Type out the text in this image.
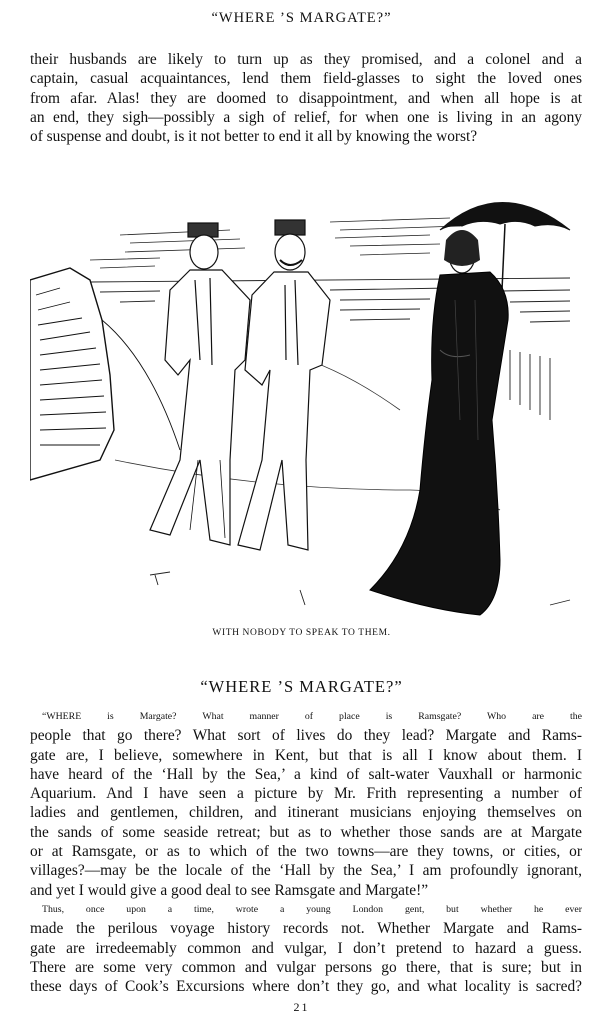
“WHERE ’S MARGATE?”

their husbands are likely to turn up as they promised, and a colonel and a
captain, casual acquaintances, lend them field-glasses to sight the loved ones
from afar. Alas! they are doomed to disappointment, and when all hope is at
an end, they sigh—possibly a sigh of relief, for when one is living in an agony
of suspense and doubt, is it not better to end it all by knowing the worst?

WITH NOBODY TO SPEAK TO THEM.
“WHERE ’S MARGATE?”

“WHERE is Margate? What manner of place is Ramsgate? Who are the
people that go there? What sort of lives do they lead? Margate and Rams-
gate are, I believe, somewhere in Kent, but that is all I know about them. I
have heard of the ‘Hall by the Sea,’ a kind of salt-water Vauxhall or harmonic
Aquarium. And I have seen a picture by Mr. Frith representing a number of
ladies and gentlemen, children, and itinerant musicians enjoying themselves on
the sands of some seaside retreat; but as to whether those sands are at Margate
or at Ramsgate, or as to which of the two towns—are they towns, or cities, or
villages?—may be the locale of the ‘Hall by the Sea,’ I am profoundly ignorant,
and yet I would give a good deal to see Ramsgate and Margate!”

Thus, once upon a time, wrote a young London gent, but whether he ever
made the perilous voyage history records not. Whether Margate and Rams-
gate are irredeemably common and vulgar, I don’t pretend to hazard a guess.
There are some very common and vulgar persons go there, that is sure; but in
these days of Cook’s Excursions where don’t they go, and what locality is sacred?

21
